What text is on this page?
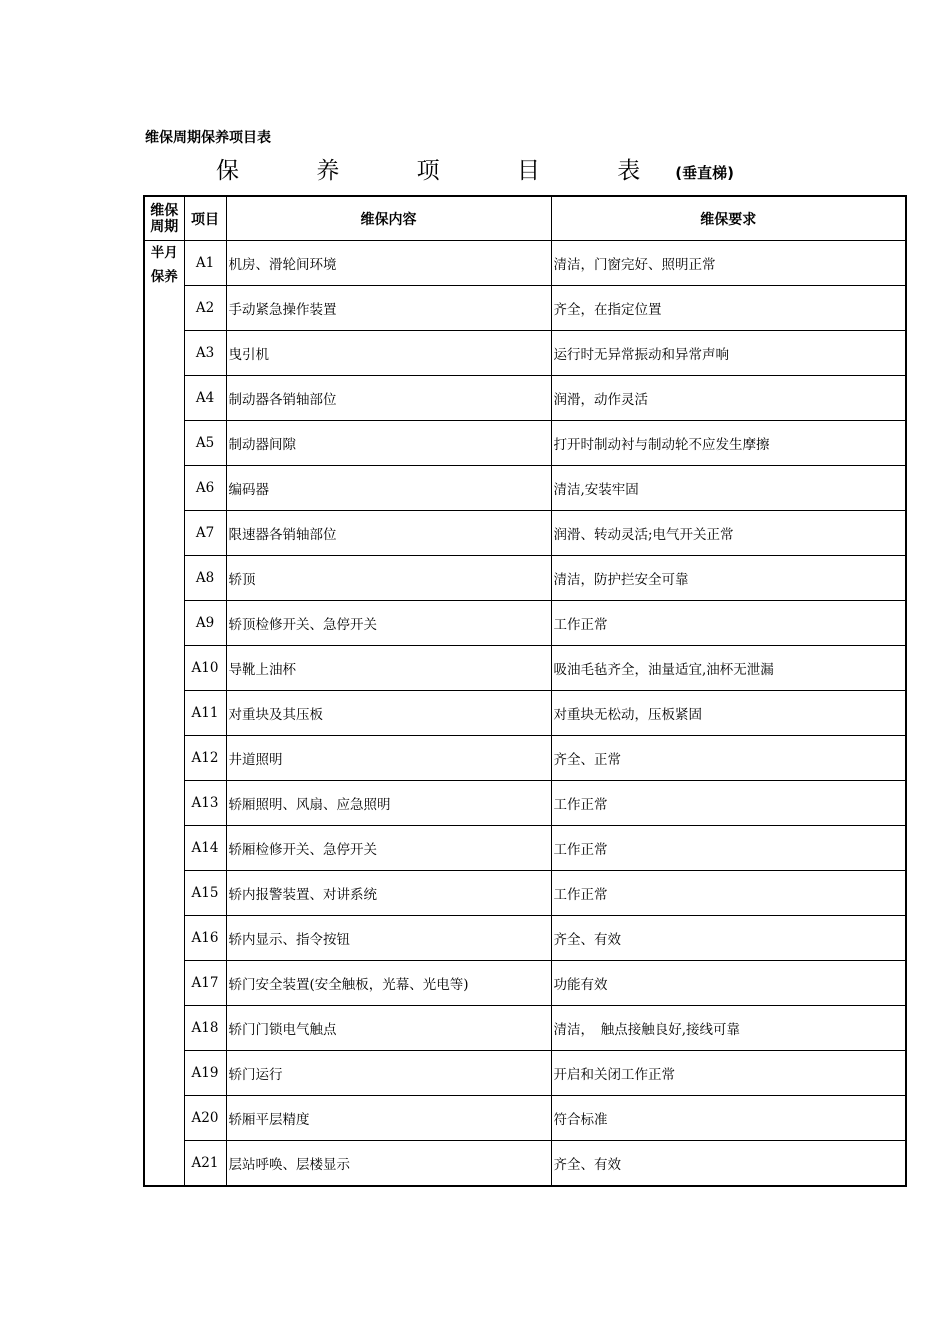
维保周期保养项目表
保 养 项 目 表(垂直梯)
维保
周期	项目	维保内容	维保要求
半月
保养	A1	机房、滑轮间环境	清洁，门窗完好、照明正常
	A2	手动紧急操作装置	齐全，在指定位置
	A3	曳引机	运行时无异常振动和异常声响
	A4	制动器各销轴部位	润滑，动作灵活
	A5	制动器间隙	打开时制动衬与制动轮不应发生摩擦
	A6	编码器	清洁,安装牢固
	A7	限速器各销轴部位	润滑、转动灵活;电气开关正常
	A8	轿顶	清洁，防护拦安全可靠
	A9	轿顶检修开关、急停开关	工作正常
	A10	导靴上油杯	吸油毛毡齐全，油量适宜,油杯无泄漏
	A11	对重块及其压板	对重块无松动，压板紧固
	A12	井道照明	齐全、正常
	A13	轿厢照明、风扇、应急照明	工作正常
	A14	轿厢检修开关、急停开关	工作正常
	A15	轿内报警装置、对讲系统	工作正常
	A16	轿内显示、指令按钮	齐全、有效
	A17	轿门安全装置(安全触板，光幕、光电等)	功能有效
	A18	轿门门锁电气触点	清洁，　触点接触良好,接线可靠
	A19	轿门运行	开启和关闭工作正常
	A20	轿厢平层精度	符合标准
	A21	层站呼唤、层楼显示	齐全、有效
